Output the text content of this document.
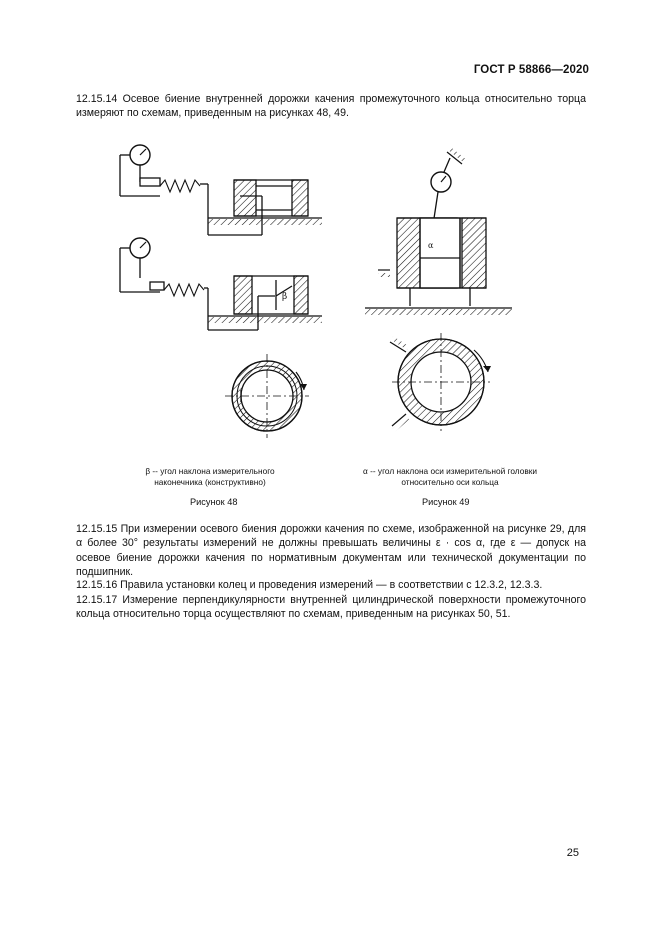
ГОСТ Р 58866—2020
12.15.14 Осевое биение внутренней дорожки качения промежуточного кольца относительно торца измеряют по схемам, приведенным на рисунках 48, 49.
β
α
β -- угол наклона измерительного наконечника (конструктивно)
α -- угол наклона оси измерительной головки относительно оси кольца
Рисунок 48	Рисунок 49
12.15.15 При измерении осевого биения дорожки качения по схеме, изображенной на рисунке 29, для α более 30° результаты измерений не должны превышать величины ε · cos α, где ε — допуск на осевое биение дорожки качения по нормативным документам или технической документации по подшипник.
12.15.16 Правила установки колец и проведения измерений — в соответствии с 12.3.2, 12.3.3.
12.15.17 Измерение перпендикулярности внутренней цилиндрической поверхности промежуточного кольца относительно торца осуществляют по схемам, приведенным на рисунках 50, 51.
25
